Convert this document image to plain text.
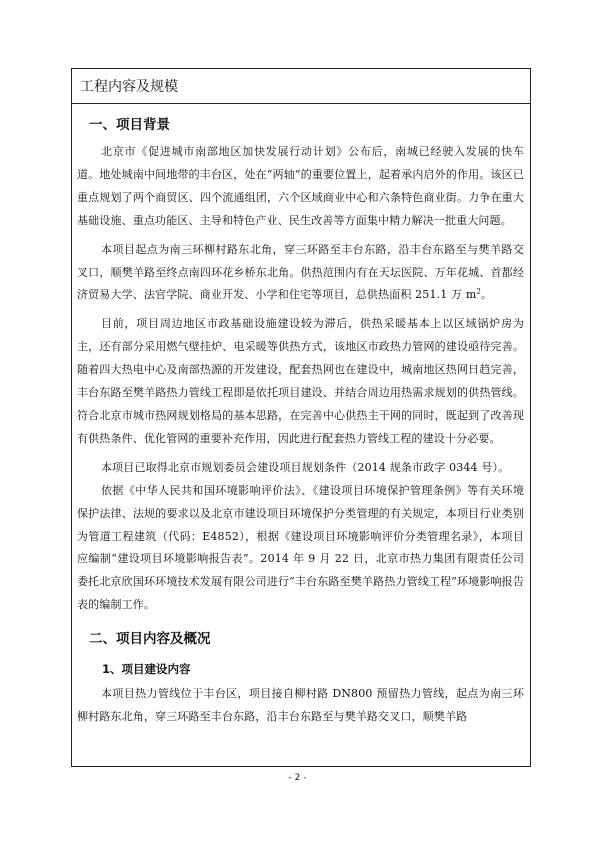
工程内容及规模
一、项目背景

北京市《促进城市南部地区加快发展行动计划》公布后，南城已经驶入发展的快车道。地处城南中间地带的丰台区，处在“两轴”的重要位置上，起着承内启外的作用。该区已重点规划了两个商贸区、四个流通组团，六个区域商业中心和六条特色商业街。力争在重大基础设施、重点功能区、主导和特色产业、民生改善等方面集中精力解决一批重大问题。

本项目起点为南三环柳村路东北角，穿三环路至丰台东路，沿丰台东路至与樊羊路交叉口，顺樊羊路至终点南四环花乡桥东北角。供热范围内有在天坛医院、万年花城、首都经济贸易大学、法官学院、商业开发、小学和住宅等项目，总供热面积 251.1 万 $m^2$。

目前，项目周边地区市政基础设施建设较为滞后，供热采暖基本上以区域锅炉房为主，还有部分采用燃气壁挂炉、电采暖等供热方式，该地区市政热力管网的建设亟待完善。随着四大热电中心及南部热源的开发建设，配套热网也在建设中，城南地区热网日趋完善，丰台东路至樊羊路热力管线工程即是依托项目建设、并结合周边用热需求规划的供热管线。符合北京市城市热网规划格局的基本思路，在完善中心供热主干网的同时，既起到了改善现有供热条件、优化管网的重要补充作用，因此进行配套热力管线工程的建设十分必要。

本项目已取得北京市规划委员会建设项目规划条件（2014 规条市政字 0344 号）。

依据《中华人民共和国环境影响评价法》、《建设项目环境保护管理条例》等有关环境保护法律、法规的要求以及北京市建设项目环境保护分类管理的有关规定，本项目行业类别为管道工程建筑（代码：E4852），根据《建设项目环境影响评价分类管理名录》，本项目应编制“建设项目环境影响报告表”。2014 年 9 月 22 日，北京市热力集团有限责任公司委托北京欣国环环境技术发展有限公司进行“丰台东路至樊羊路热力管线工程”环境影响报告表的编制工作。

二、项目内容及概况
1、项目建设内容

本项目热力管线位于丰台区，项目接自柳村路 DN800 预留热力管线，起点为南三环柳村路东北角，穿三环路至丰台东路，沿丰台东路至与樊羊路交叉口，顺樊羊路

- 2 -
